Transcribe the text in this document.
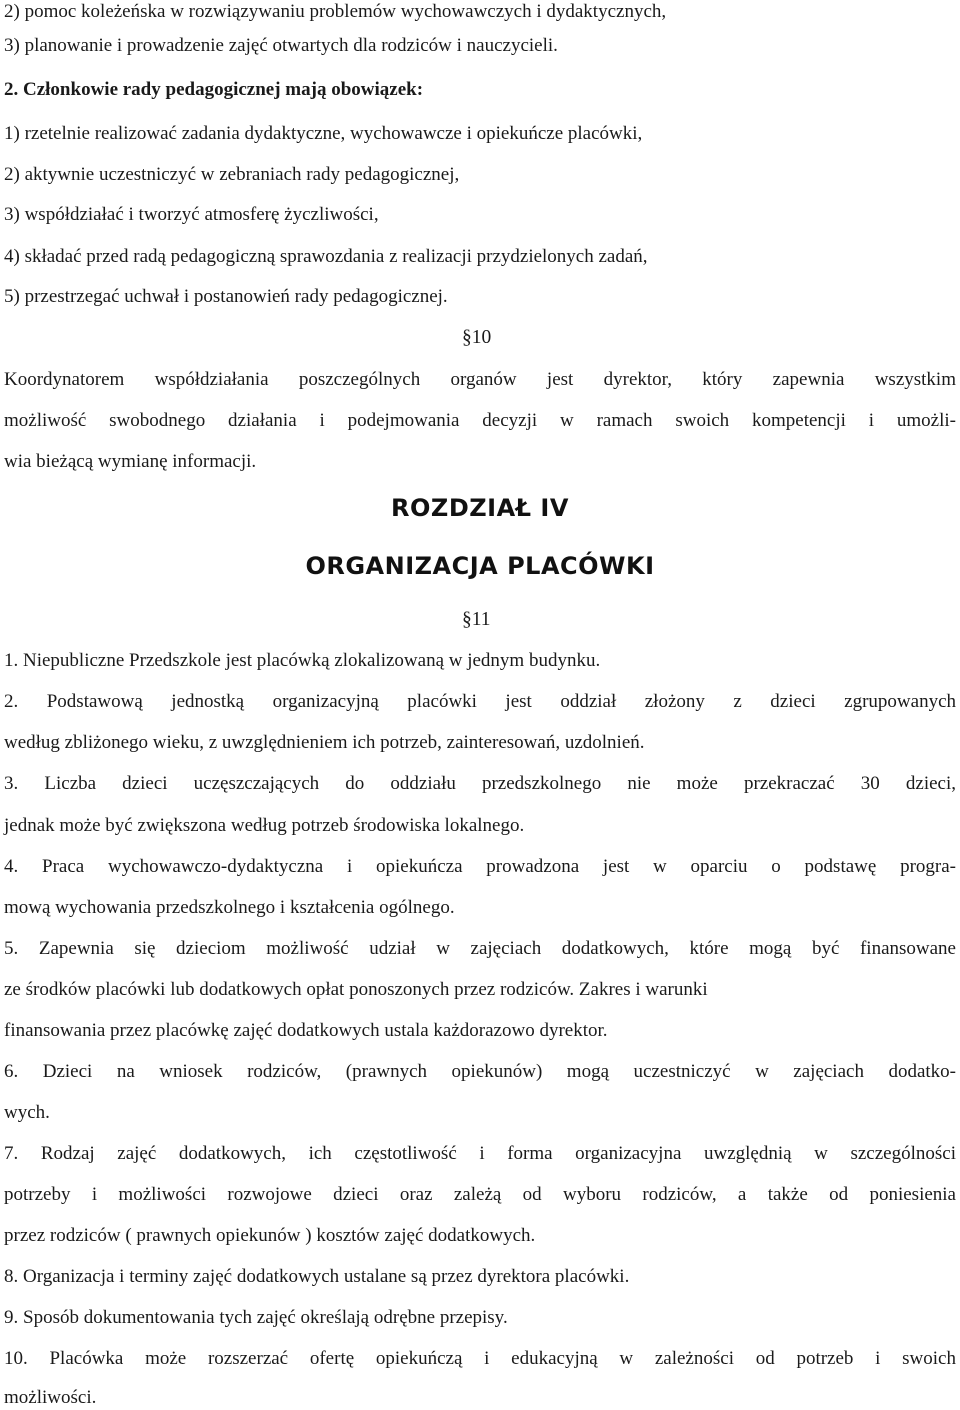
2) pomoc koleżeńska w rozwiązywaniu problemów wychowawczych i dydaktycznych,
3) planowanie i prowadzenie zajęć otwartych dla rodziców i nauczycieli.
2. Członkowie rady pedagogicznej mają obowiązek:
1) rzetelnie realizować zadania dydaktyczne, wychowawcze i opiekuńcze placówki,
2) aktywnie uczestniczyć w zebraniach rady pedagogicznej,
3) współdziałać i tworzyć atmosferę życzliwości,
4) składać przed radą pedagogiczną sprawozdania z realizacji przydzielonych zadań,
5) przestrzegać uchwał i postanowień rady pedagogicznej.
§10
Koordynatorem współdziałania poszczególnych organów jest dyrektor, który zapewnia wszystkim
możliwość swobodnego działania i podejmowania decyzji w ramach swoich kompetencji i umożli-
wia bieżącą wymianę informacji.
ROZDZIAŁ IV
ORGANIZACJA PLACÓWKI
§11
1. Niepubliczne Przedszkole jest placówką zlokalizowaną w jednym budynku.
2. Podstawową jednostką organizacyjną placówki jest oddział złożony z dzieci zgrupowanych
według zbliżonego wieku, z uwzględnieniem ich potrzeb, zainteresowań, uzdolnień.
3. Liczba dzieci uczęszczających do oddziału przedszkolnego nie może przekraczać 30 dzieci,
jednak może być zwiększona według potrzeb środowiska lokalnego.
4. Praca wychowawczo-dydaktyczna i opiekuńcza prowadzona jest w oparciu o podstawę progra-
mową wychowania przedszkolnego i kształcenia ogólnego.
5. Zapewnia się dzieciom możliwość udział w zajęciach dodatkowych, które mogą być finansowane
ze środków placówki lub dodatkowych opłat ponoszonych przez rodziców. Zakres i warunki
finansowania przez placówkę zajęć dodatkowych ustala każdorazowo dyrektor.
6. Dzieci na wniosek rodziców, (prawnych opiekunów) mogą uczestniczyć w zajęciach dodatko-
wych.
7. Rodzaj zajęć dodatkowych, ich częstotliwość i forma organizacyjna uwzględnią w szczególności
potrzeby i możliwości rozwojowe dzieci oraz zależą od wyboru rodziców, a także od poniesienia
przez rodziców ( prawnych opiekunów ) kosztów zajęć dodatkowych.
8. Organizacja i terminy zajęć dodatkowych ustalane są przez dyrektora placówki.
9. Sposób dokumentowania tych zajęć określają odrębne przepisy.
10. Placówka może rozszerzać ofertę opiekuńczą i edukacyjną w zależności od potrzeb i swoich
możliwości.
